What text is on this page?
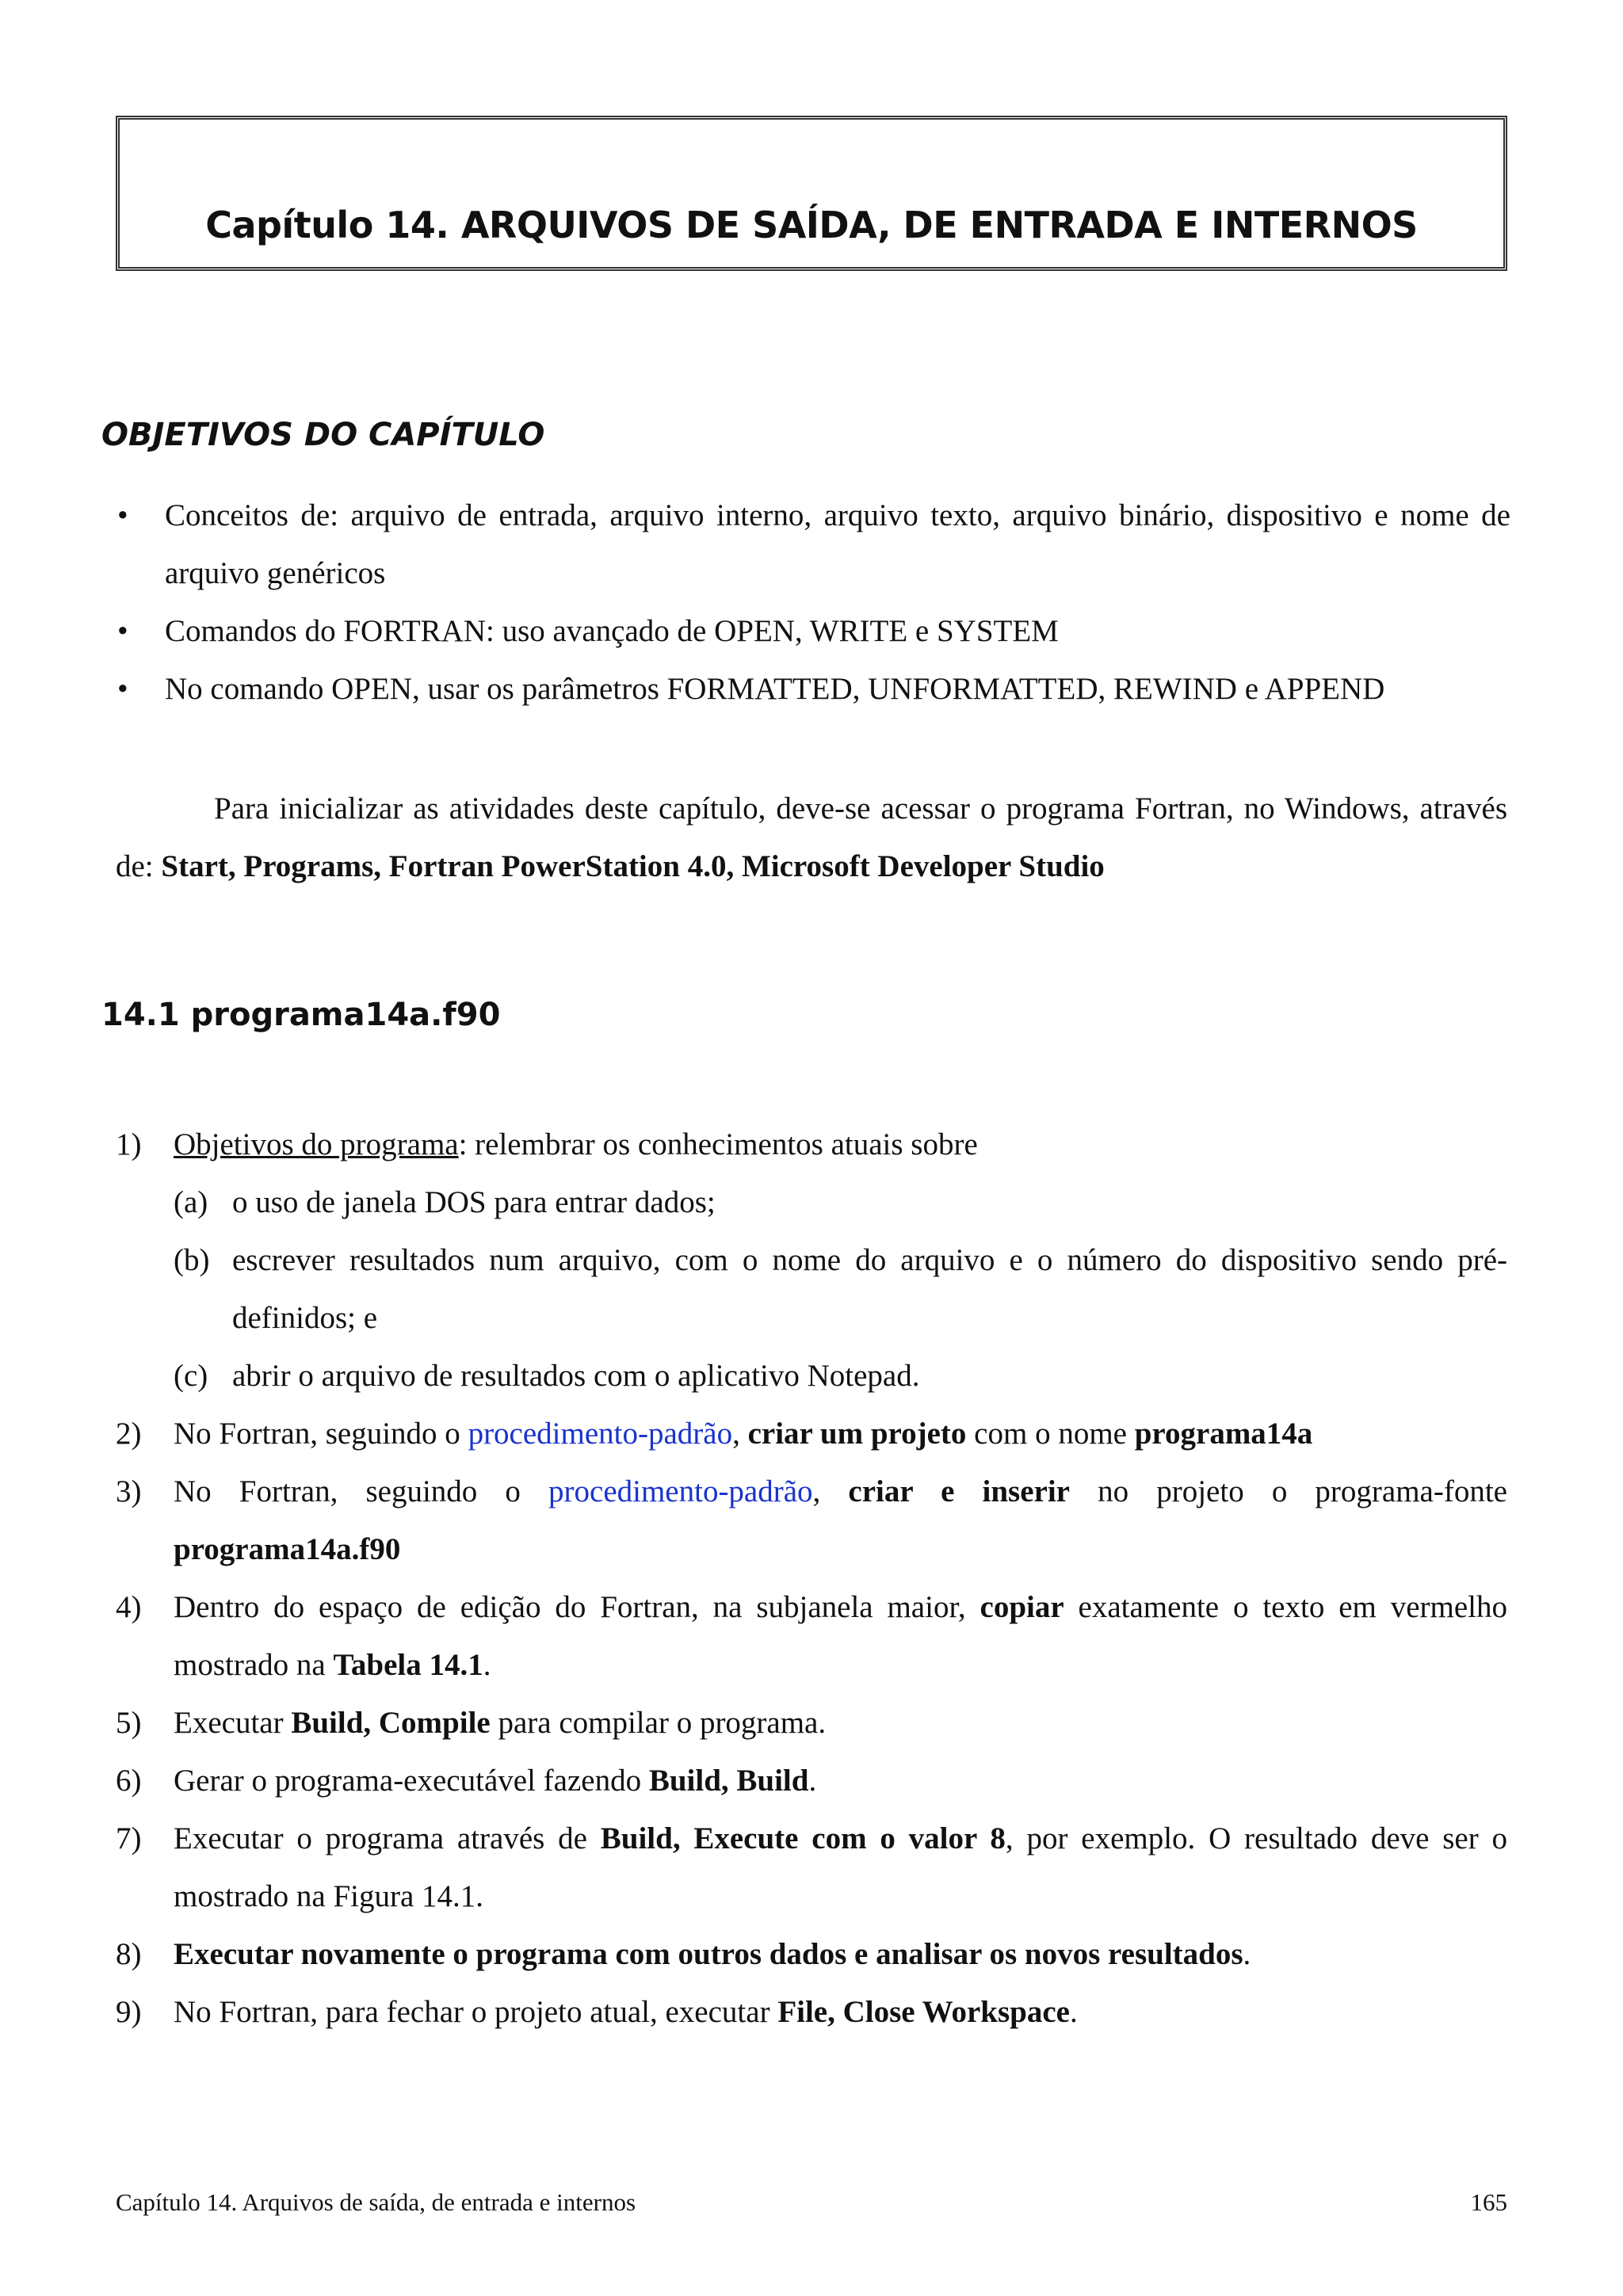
Capítulo 14. ARQUIVOS DE SAÍDA, DE ENTRADA E INTERNOS
OBJETIVOS DO CAPÍTULO
• Conceitos de: arquivo de entrada, arquivo interno, arquivo texto, arquivo binário, dispositivo e nome de arquivo genéricos
• Comandos do FORTRAN: uso avançado de OPEN, WRITE e SYSTEM
• No comando OPEN, usar os parâmetros FORMATTED, UNFORMATTED, REWIND e APPEND
Para inicializar as atividades deste capítulo, deve-se acessar o programa Fortran, no Windows, através de: Start, Programs, Fortran PowerStation 4.0, Microsoft Developer Studio
14.1 programa14a.f90
1) Objetivos do programa: relembrar os conhecimentos atuais sobre
(a) o uso de janela DOS para entrar dados;
(b) escrever resultados num arquivo, com o nome do arquivo e o número do dispositivo sendo pré-definidos; e
(c) abrir o arquivo de resultados com o aplicativo Notepad.
2) No Fortran, seguindo o procedimento-padrão, criar um projeto com o nome programa14a
3) No Fortran, seguindo o procedimento-padrão, criar e inserir no projeto o programa-fonte programa14a.f90
4) Dentro do espaço de edição do Fortran, na subjanela maior, copiar exatamente o texto em vermelho mostrado na Tabela 14.1.
5) Executar Build, Compile para compilar o programa.
6) Gerar o programa-executável fazendo Build, Build.
7) Executar o programa através de Build, Execute com o valor 8, por exemplo. O resultado deve ser o mostrado na Figura 14.1.
8) Executar novamente o programa com outros dados e analisar os novos resultados.
9) No Fortran, para fechar o projeto atual, executar File, Close Workspace.
Capítulo 14. Arquivos de saída, de entrada e internos	165
